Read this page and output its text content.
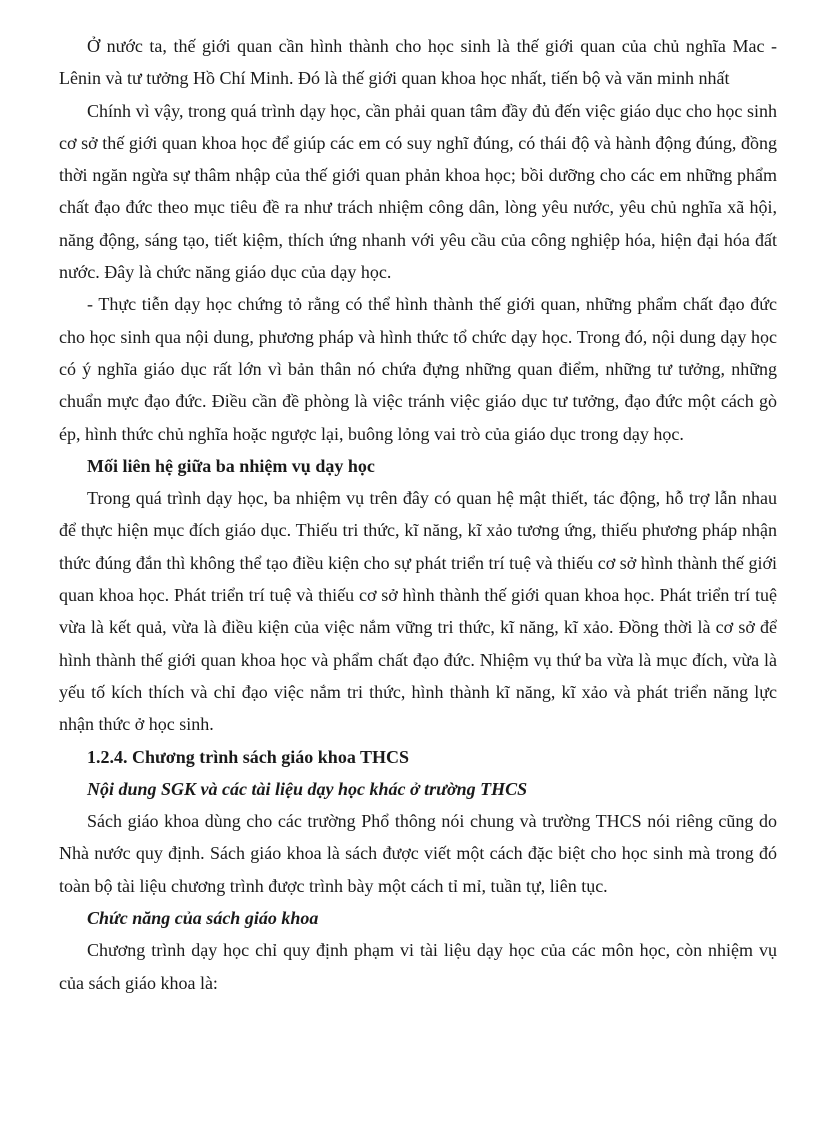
Ở nước ta, thế giới quan cần hình thành cho học sinh là thế giới quan của chủ nghĩa Mac - Lênin và tư tưởng Hồ Chí Minh. Đó là thế giới quan khoa học nhất, tiến bộ và văn minh nhất

Chính vì vậy, trong quá trình dạy học, cần phải quan tâm đầy đủ đến việc giáo dục cho học sinh cơ sở thế giới quan khoa học để giúp các em có suy nghĩ đúng, có thái độ và hành động đúng, đồng thời ngăn ngừa sự thâm nhập của thế giới quan phản khoa học; bồi dưỡng cho các em những phẩm chất đạo đức theo mục tiêu đề ra như trách nhiệm công dân, lòng yêu nước, yêu chủ nghĩa xã hội, năng động, sáng tạo, tiết kiệm, thích ứng nhanh với yêu cầu của công nghiệp hóa, hiện đại hóa đất nước. Đây là chức năng giáo dục của dạy học.

- Thực tiễn dạy học chứng tỏ rằng có thể hình thành thế giới quan, những phẩm chất đạo đức cho học sinh qua nội dung, phương pháp và hình thức tổ chức dạy học. Trong đó, nội dung dạy học có ý nghĩa giáo dục rất lớn vì bản thân nó chứa đựng những quan điểm, những tư tưởng, những chuẩn mực đạo đức. Điều cần đề phòng là việc tránh việc giáo dục tư tưởng, đạo đức một cách gò ép, hình thức chủ nghĩa hoặc ngược lại, buông lỏng vai trò của giáo dục trong dạy học.

Mối liên hệ giữa ba nhiệm vụ dạy học

Trong quá trình dạy học, ba nhiệm vụ trên đây có quan hệ mật thiết, tác động, hỗ trợ lẫn nhau để thực hiện mục đích giáo dục. Thiếu tri thức, kĩ năng, kĩ xảo tương ứng, thiếu phương pháp nhận thức đúng đắn thì không thể tạo điều kiện cho sự phát triển trí tuệ và thiếu cơ sở hình thành thế giới quan khoa học. Phát triển trí tuệ và thiếu cơ sở hình thành thế giới quan khoa học. Phát triển trí tuệ vừa là kết quả, vừa là điều kiện của việc nắm vững tri thức, kĩ năng, kĩ xảo. Đồng thời là cơ sở để hình thành thế giới quan khoa học và phẩm chất đạo đức. Nhiệm vụ thứ ba vừa là mục đích, vừa là yếu tố kích thích và chỉ đạo việc nắm tri thức, hình thành kĩ năng, kĩ xảo và phát triển năng lực nhận thức ở học sinh.

1.2.4. Chương trình sách giáo khoa THCS

Nội dung SGK và các tài liệu dạy học khác ở trường THCS

Sách giáo khoa dùng cho các trường Phổ thông nói chung và trường THCS nói riêng cũng do Nhà nước quy định. Sách giáo khoa là sách được viết một cách đặc biệt cho học sinh mà trong đó toàn bộ tài liệu chương trình được trình bày một cách tỉ mỉ, tuần tự, liên tục.

Chức năng của sách giáo khoa

Chương trình dạy học chỉ quy định phạm vi tài liệu dạy học của các môn học, còn nhiệm vụ của sách giáo khoa là:
